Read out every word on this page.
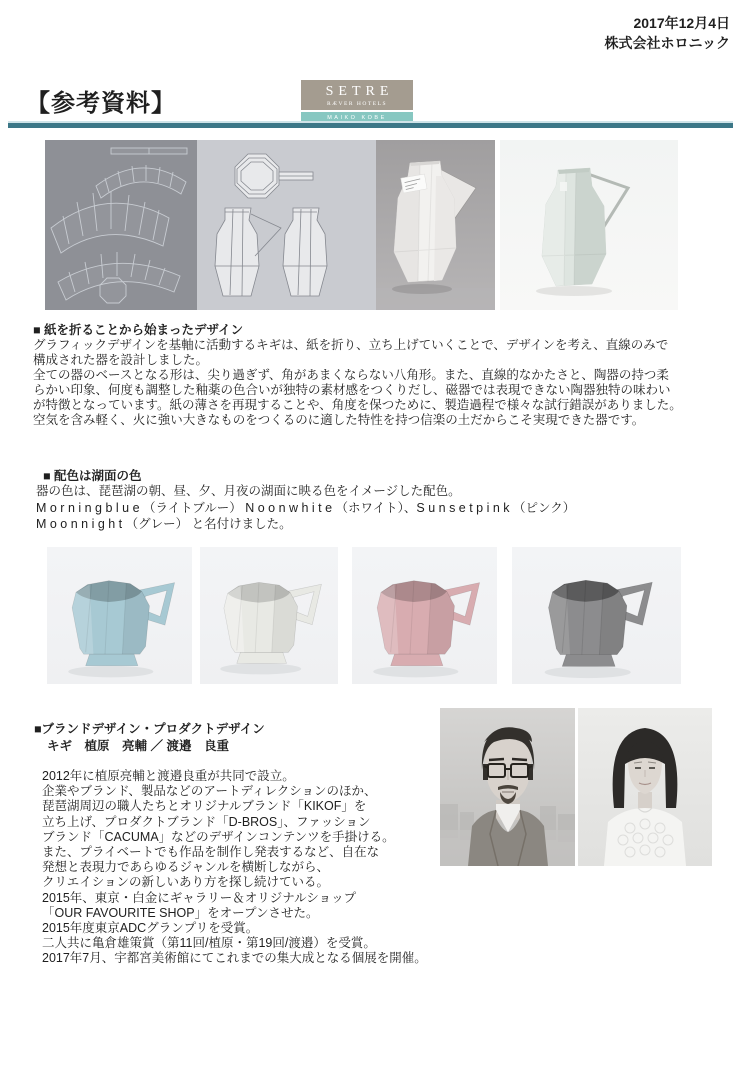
2017年12月4日
株式会社ホロニック
【参考資料】	SETRE
RÆVER HOTELS
MAIKO KOBE
■ 紙を折ることから始まったデザイン
グラフィックデザインを基軸に活動するキギは、紙を折り、立ち上げていくことで、デザインを考え、直線のみで
構成された器を設計しました。
全ての器のベースとなる形は、尖り過ぎず、角があまくならない八角形。また、直線的なかたさと、陶器の持つ柔
らかい印象、何度も調整した釉薬の色合いが独特の素材感をつくりだし、磁器では表現できない陶器独特の味わい
が特徴となっています。紙の薄さを再現することや、角度を保つために、製造過程で様々な試行錯誤がありました。
空気を含み軽く、火に強い大きなものをつくるのに適した特性を持つ信楽の土だからこそ実現できた器です。
■ 配色は湖面の色
器の色は、琵琶湖の朝、昼、夕、月夜の湖面に映る色をイメージした配色。
M o r n i n g b l u e （ライトブルー） N o o n w h i t e （ホワイト）、S u n s e t p i n k （ピンク）
M o o n n i g h t （グレー） と名付けました。
■ブランドデザイン・プロダクトデザイン
キギ　植原　亮輔 ／ 渡邉　良重
2012年に植原亮輔と渡邉良重が共同で設立。
企業やブランド、製品などのアートディレクションのほか、
琵琶湖周辺の職人たちとオリジナルブランド「KIKOF」を
立ち上げ、プロダクトブランド「D-BROS」、ファッション
ブランド「CACUMA」などのデザインコンテンツを手掛ける。
また、プライベートでも作品を制作し発表するなど、自在な
発想と表現力であらゆるジャンルを横断しながら、
クリエイションの新しいあり方を探し続けている。
2015年、東京・白金にギャラリー＆オリジナルショップ
「OUR FAVOURITE SHOP」をオープンさせた。
2015年度東京ADCグランプリを受賞。
二人共に亀倉雄策賞（第11回/植原・第19回/渡邉）を受賞。
2017年7月、宇都宮美術館にてこれまでの集大成となる個展を開催。
